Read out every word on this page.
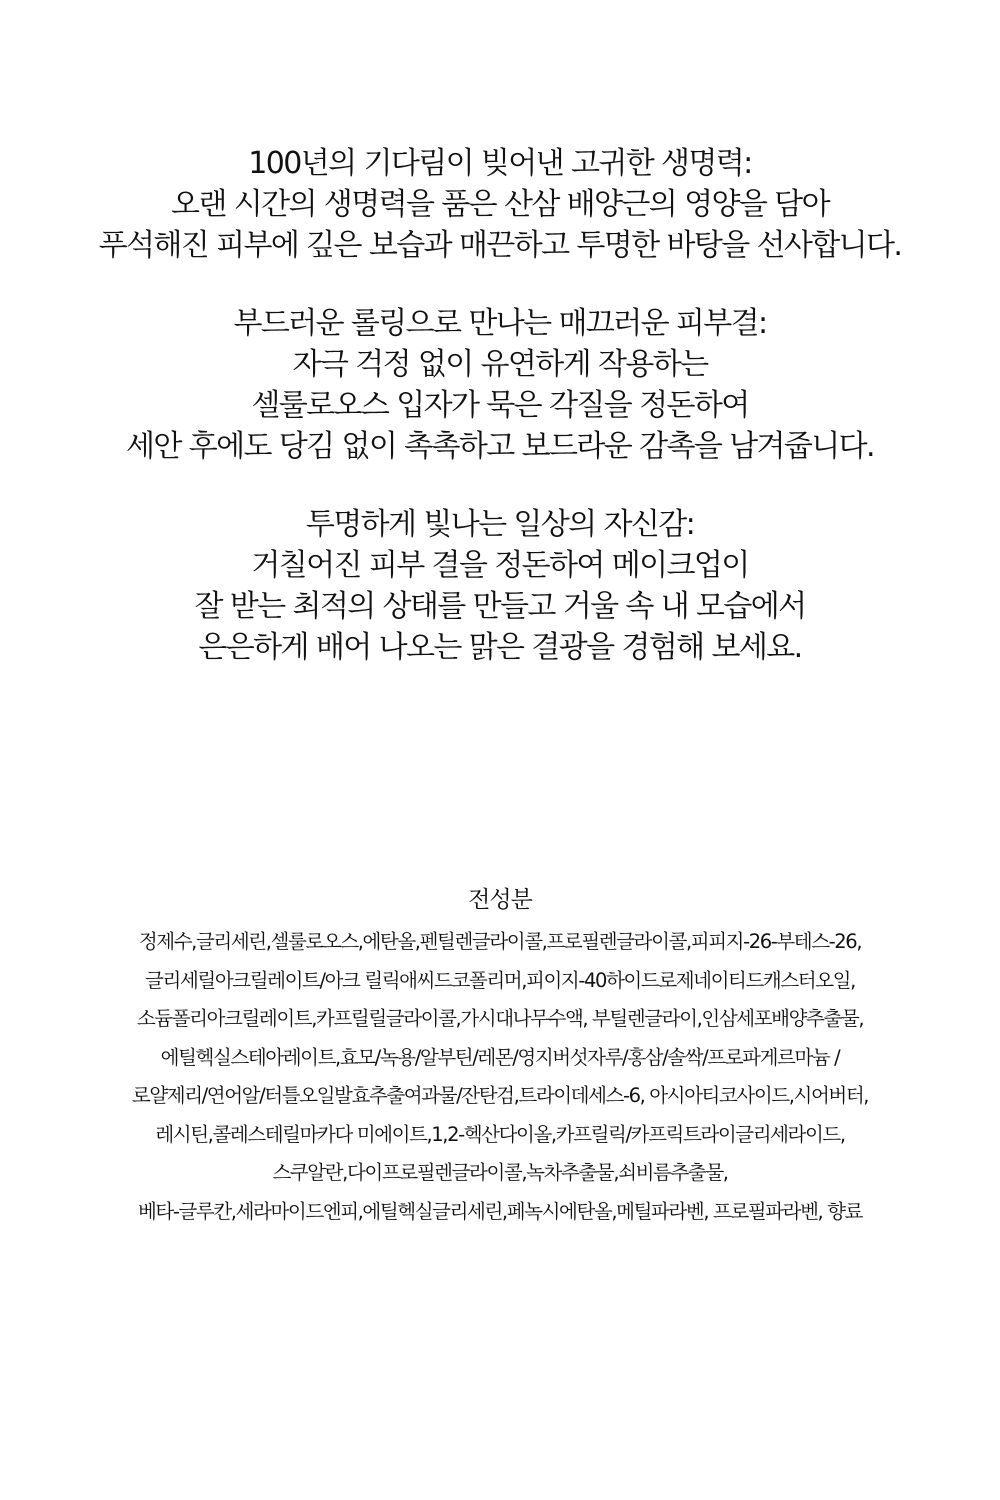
100년의 기다림이 빚어낸 고귀한 생명력:
오랜 시간의 생명력을 품은 산삼 배양근의 영양을 담아
푸석해진 피부에 깊은 보습과 매끈하고 투명한 바탕을 선사합니다.
부드러운 롤링으로 만나는 매끄러운 피부결:
자극 걱정 없이 유연하게 작용하는
셀룰로오스 입자가 묵은 각질을 정돈하여
세안 후에도 당김 없이 촉촉하고 보드라운 감촉을 남겨줍니다.
투명하게 빛나는 일상의 자신감:
거칠어진 피부 결을 정돈하여 메이크업이
잘 받는 최적의 상태를 만들고 거울 속 내 모습에서
은은하게 배어 나오는 맑은 결광을 경험해 보세요.
전성분
정제수,글리세린,셀룰로오스,에탄올,펜틸렌글라이콜,프로필렌글라이콜,피피지-26-부테스-26,
글리세릴아크릴레이트/아크 릴릭애씨드코폴리머,피이지-40하이드로제네이티드캐스터오일,
소듐폴리아크릴레이트,카프릴릴글라이콜,가시대나무수액, 부틸렌글라이,인삼세포배양추출물,
에틸헥실스테아레이트,효모/녹용/알부틴/레몬/영지버섯자루/홍삼/솔싹/프로파게르마늄 /
로얄제리/연어알/터틀오일발효추출여과물/잔탄검,트라이데세스-6, 아시아티코사이드,시어버터,
레시틴,콜레스테릴마카다 미에이트,1,2-헥산다이올,카프릴릭/카프릭트라이글리세라이드,
스쿠알란,다이프로필렌글라이콜,녹차추출물,쇠비름추출물,
베타-글루칸,세라마이드엔피,에틸헥실글리세린,페녹시에탄올,메틸파라벤, 프로필파라벤, 향료
